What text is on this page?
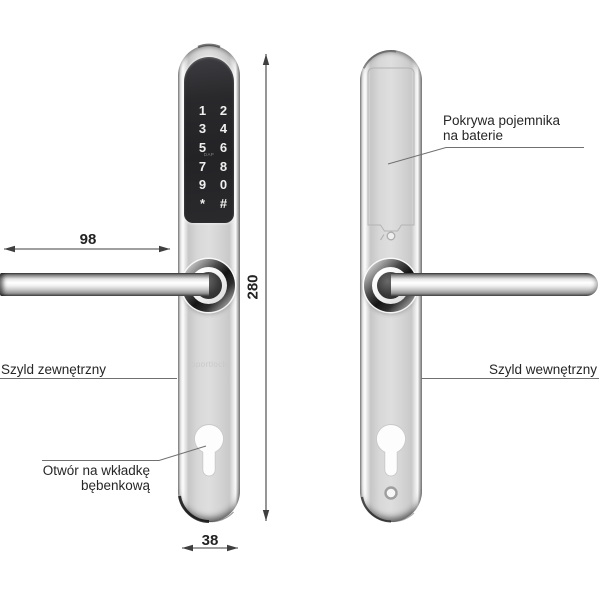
1	2
3	4
5	6
7	8
9	0
*	#
DAP
oportlock
98
280
38
Pokrywa pojemnika
na baterie
Szyld zewnętrzny	Szyld wewnętrzny
Otwór na wkładkę
bębenkową
